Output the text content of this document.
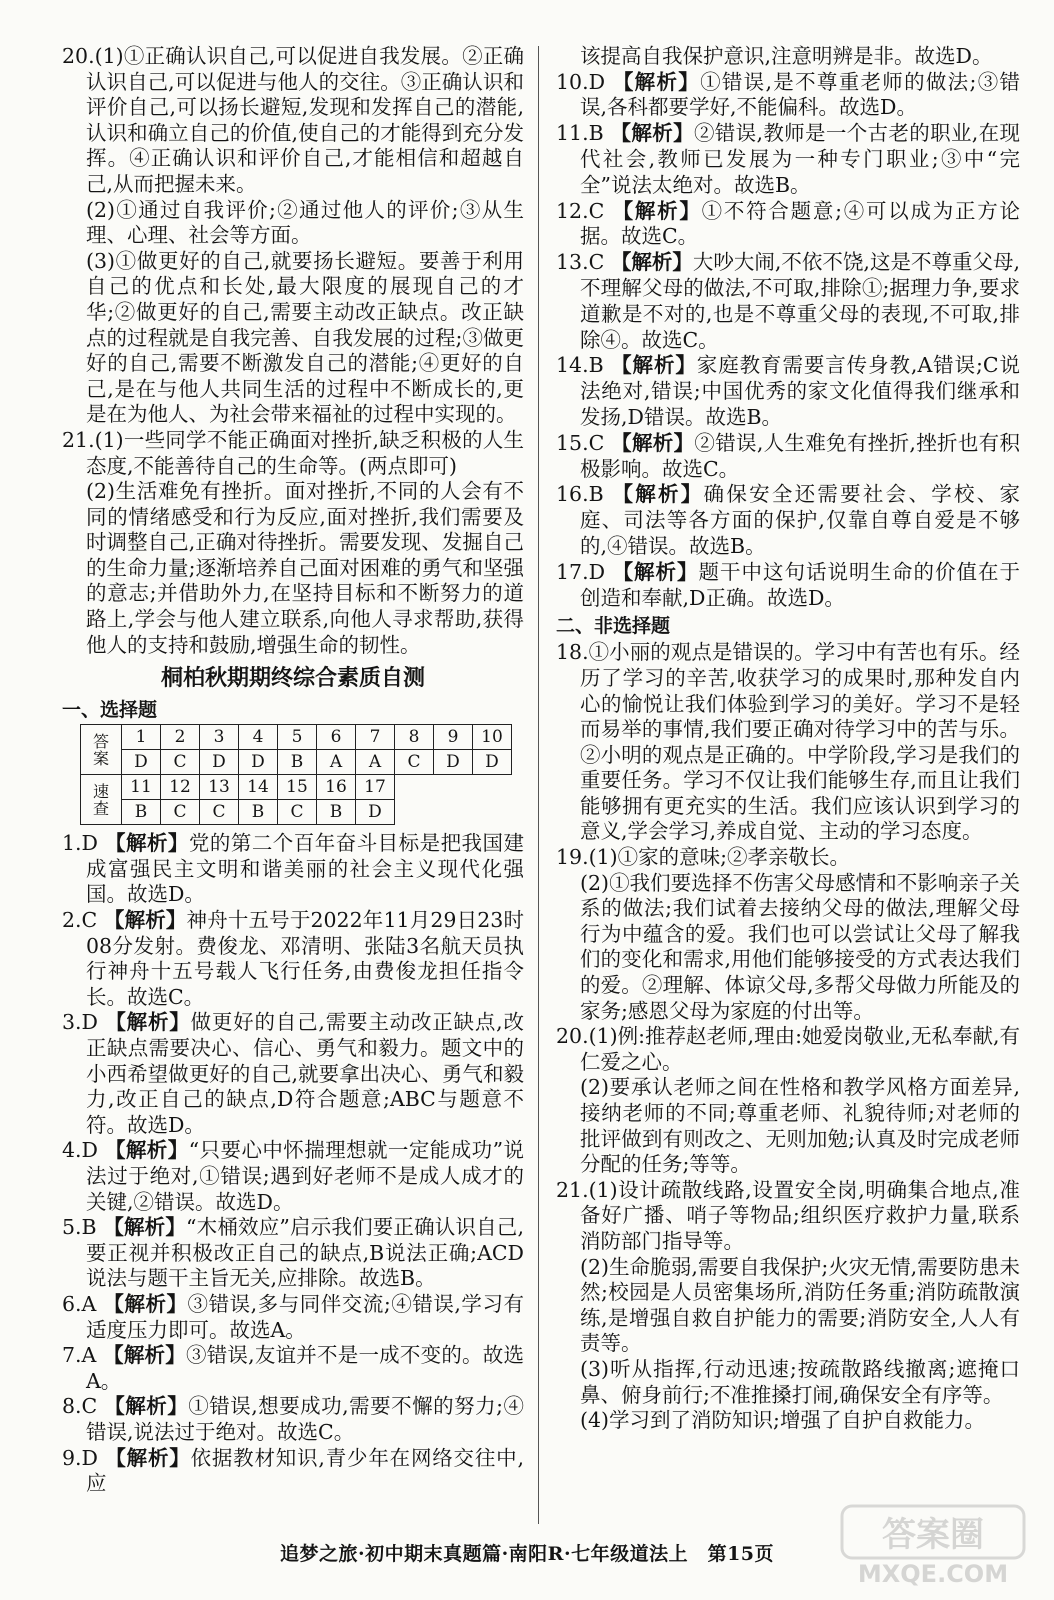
20.(1)①正确认识自己,可以促进自我发展。②正确认识自己,可以促进与他人的交往。③正确认识和评价自己,可以扬长避短,发现和发挥自己的潜能,认识和确立自己的价值,使自己的才能得到充分发挥。④正确认识和评价自己,才能相信和超越自己,从而把握未来。

(2)①通过自我评价;②通过他人的评价;③从生理、心理、社会等方面。

(3)①做更好的自己,就要扬长避短。要善于利用自己的优点和长处,最大限度的展现自己的才华;②做更好的自己,需要主动改正缺点。改正缺点的过程就是自我完善、自我发展的过程;③做更好的自己,需要不断激发自己的潜能;④更好的自己,是在与他人共同生活的过程中不断成长的,更是在为他人、为社会带来福祉的过程中实现的。

21.(1)一些同学不能正确面对挫折,缺乏积极的人生态度,不能善待自己的生命等。(两点即可)

(2)生活难免有挫折。面对挫折,不同的人会有不同的情绪感受和行为反应,面对挫折,我们需要及时调整自己,正确对待挫折。需要发现、发掘自己的生命力量;逐渐培养自己面对困难的勇气和坚强的意志;并借助外力,在坚持目标和不断努力的道路上,学会与他人建立联系,向他人寻求帮助,获得他人的支持和鼓励,增强生命的韧性。

桐柏秋期期终综合素质自测
一、选择题
答
案	1	2	3	4	5	6	7	8	9	10
	D	C	D	D	B	A	A	C	D	D
速
查	11	12	13	14	15	16	17			
	B	C	C	B	C	B	D			

1.D 【解析】党的第二个百年奋斗目标是把我国建成富强民主文明和谐美丽的社会主义现代化强国。故选D。

2.C 【解析】神舟十五号于2022年11月29日23时08分发射。费俊龙、邓清明、张陆3名航天员执行神舟十五号载人飞行任务,由费俊龙担任指令长。故选C。

3.D 【解析】做更好的自己,需要主动改正缺点,改正缺点需要决心、信心、勇气和毅力。题文中的小西希望做更好的自己,就要拿出决心、勇气和毅力,改正自己的缺点,D符合题意;ABC与题意不符。故选D。

4.D 【解析】“只要心中怀揣理想就一定能成功”说法过于绝对,①错误;遇到好老师不是成人成才的关键,②错误。故选D。

5.B 【解析】“木桶效应”启示我们要正确认识自己,要正视并积极改正自己的缺点,B说法正确;ACD说法与题干主旨无关,应排除。故选B。

6.A 【解析】③错误,多与同伴交流;④错误,学习有适度压力即可。故选A。

7.A 【解析】③错误,友谊并不是一成不变的。故选A。

8.C 【解析】①错误,想要成功,需要不懈的努力;④错误,说法过于绝对。故选C。

9.D 【解析】依据教材知识,青少年在网络交往中,应

该提高自我保护意识,注意明辨是非。故选D。

10.D 【解析】①错误,是不尊重老师的做法;③错误,各科都要学好,不能偏科。故选D。

11.B 【解析】②错误,教师是一个古老的职业,在现代社会,教师已发展为一种专门职业;③中“完全”说法太绝对。故选B。

12.C 【解析】①不符合题意;④可以成为正方论据。故选C。

13.C 【解析】大吵大闹,不依不饶,这是不尊重父母,不理解父母的做法,不可取,排除①;据理力争,要求道歉是不对的,也是不尊重父母的表现,不可取,排除④。故选C。

14.B 【解析】家庭教育需要言传身教,A错误;C说法绝对,错误;中国优秀的家文化值得我们继承和发扬,D错误。故选B。

15.C 【解析】②错误,人生难免有挫折,挫折也有积极影响。故选C。

16.B 【解析】确保安全还需要社会、学校、家庭、司法等各方面的保护,仅靠自尊自爱是不够的,④错误。故选B。

17.D 【解析】题干中这句话说明生命的价值在于创造和奉献,D正确。故选D。

二、非选择题

18.①小丽的观点是错误的。学习中有苦也有乐。经历了学习的辛苦,收获学习的成果时,那种发自内心的愉悦让我们体验到学习的美好。学习不是轻而易举的事情,我们要正确对待学习中的苦与乐。②小明的观点是正确的。中学阶段,学习是我们的重要任务。学习不仅让我们能够生存,而且让我们能够拥有更充实的生活。我们应该认识到学习的意义,学会学习,养成自觉、主动的学习态度。

19.(1)①家的意味;②孝亲敬长。

(2)①我们要选择不伤害父母感情和不影响亲子关系的做法;我们试着去接纳父母的做法,理解父母行为中蕴含的爱。我们也可以尝试让父母了解我们的变化和需求,用他们能够接受的方式表达我们的爱。②理解、体谅父母,多帮父母做力所能及的家务;感恩父母为家庭的付出等。

20.(1)例:推荐赵老师,理由:她爱岗敬业,无私奉献,有仁爱之心。

(2)要承认老师之间在性格和教学风格方面差异,接纳老师的不同;尊重老师、礼貌待师;对老师的批评做到有则改之、无则加勉;认真及时完成老师分配的任务;等等。

21.(1)设计疏散线路,设置安全岗,明确集合地点,准备好广播、哨子等物品;组织医疗救护力量,联系消防部门指导等。

(2)生命脆弱,需要自我保护;火灾无情,需要防患未然;校园是人员密集场所,消防任务重;消防疏散演练,是增强自救自护能力的需要;消防安全,人人有责等。

(3)听从指挥,行动迅速;按疏散路线撤离;遮掩口鼻、俯身前行;不准推搡打闹,确保安全有序等。

(4)学习到了消防知识;增强了自护自救能力。

追梦之旅·初中期末真题篇·南阳R·七年级道法上　第15页	答案圈
MXQE.COM
